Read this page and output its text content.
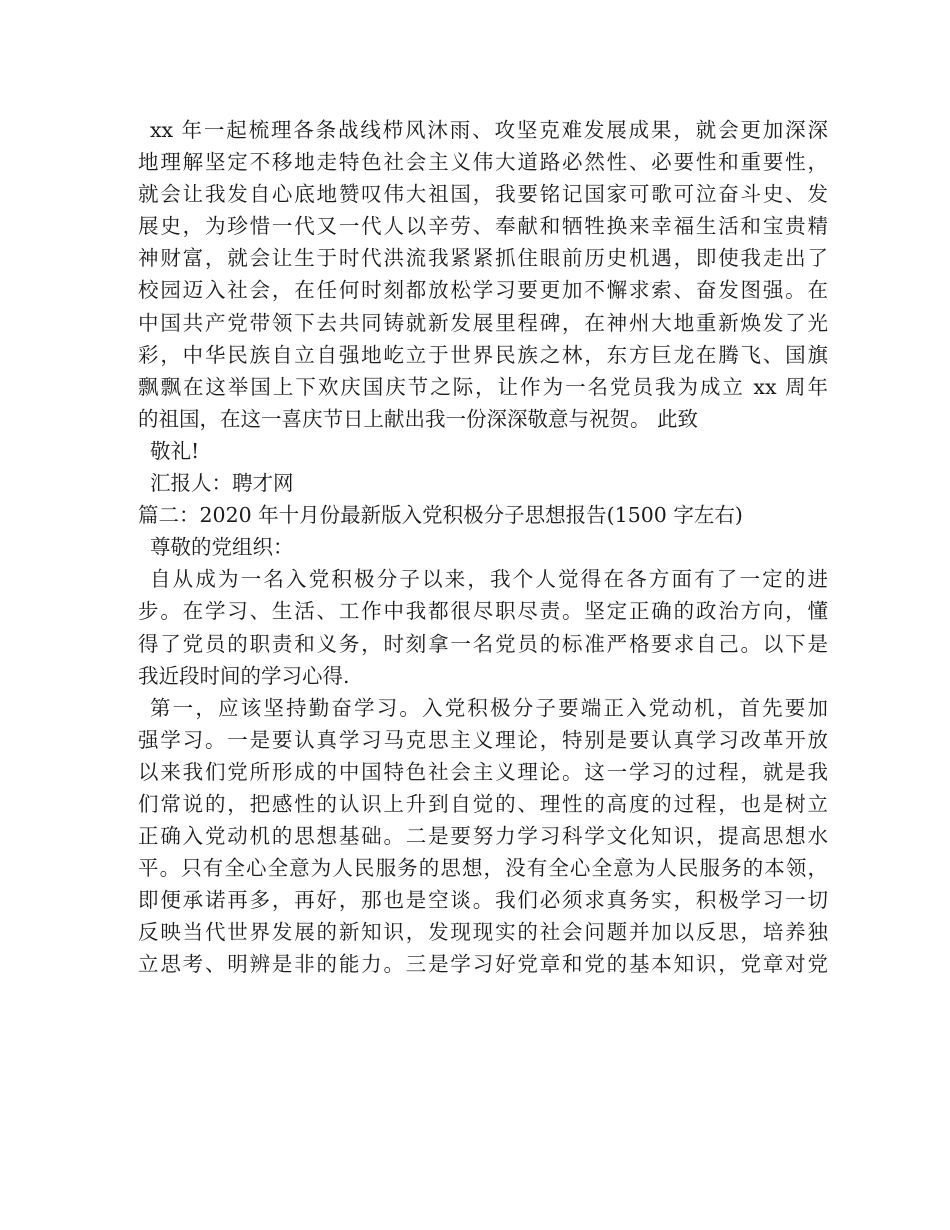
xx 年一起梳理各条战线栉风沐雨、攻坚克难发展成果，就会更加深深
地理解坚定不移地走特色社会主义伟大道路必然性、必要性和重要性，
就会让我发自心底地赞叹伟大祖国，我要铭记国家可歌可泣奋斗史、发
展史，为珍惜一代又一代人以辛劳、奉献和牺牲换来幸福生活和宝贵精
神财富，就会让生于时代洪流我紧紧抓住眼前历史机遇，即使我走出了
校园迈入社会，在任何时刻都放松学习要更加不懈求索、奋发图强。在
中国共产党带领下去共同铸就新发展里程碑，在神州大地重新焕发了光
彩，中华民族自立自强地屹立于世界民族之林，东方巨龙在腾飞、国旗
飘飘在这举国上下欢庆国庆节之际，让作为一名党员我为成立 xx 周年
的祖国，在这一喜庆节日上献出我一份深深敬意与祝贺。 此致
敬礼!
汇报人：聘才网
篇二：2020 年十月份最新版入党积极分子思想报告(1500 字左右)
尊敬的党组织：
自从成为一名入党积极分子以来，我个人觉得在各方面有了一定的进
步。在学习、生活、工作中我都很尽职尽责。坚定正确的政治方向，懂
得了党员的职责和义务，时刻拿一名党员的标准严格要求自己。以下是
我近段时间的学习心得.
第一，应该坚持勤奋学习。入党积极分子要端正入党动机，首先要加
强学习。一是要认真学习马克思主义理论，特别是要认真学习改革开放
以来我们党所形成的中国特色社会主义理论。这一学习的过程，就是我
们常说的，把感性的认识上升到自觉的、理性的高度的过程，也是树立
正确入党动机的思想基础。二是要努力学习科学文化知识，提高思想水
平。只有全心全意为人民服务的思想，没有全心全意为人民服务的本领，
即便承诺再多，再好，那也是空谈。我们必须求真务实，积极学习一切
反映当代世界发展的新知识，发现现实的社会问题并加以反思，培养独
立思考、明辨是非的能力。三是学习好党章和党的基本知识，党章对党
